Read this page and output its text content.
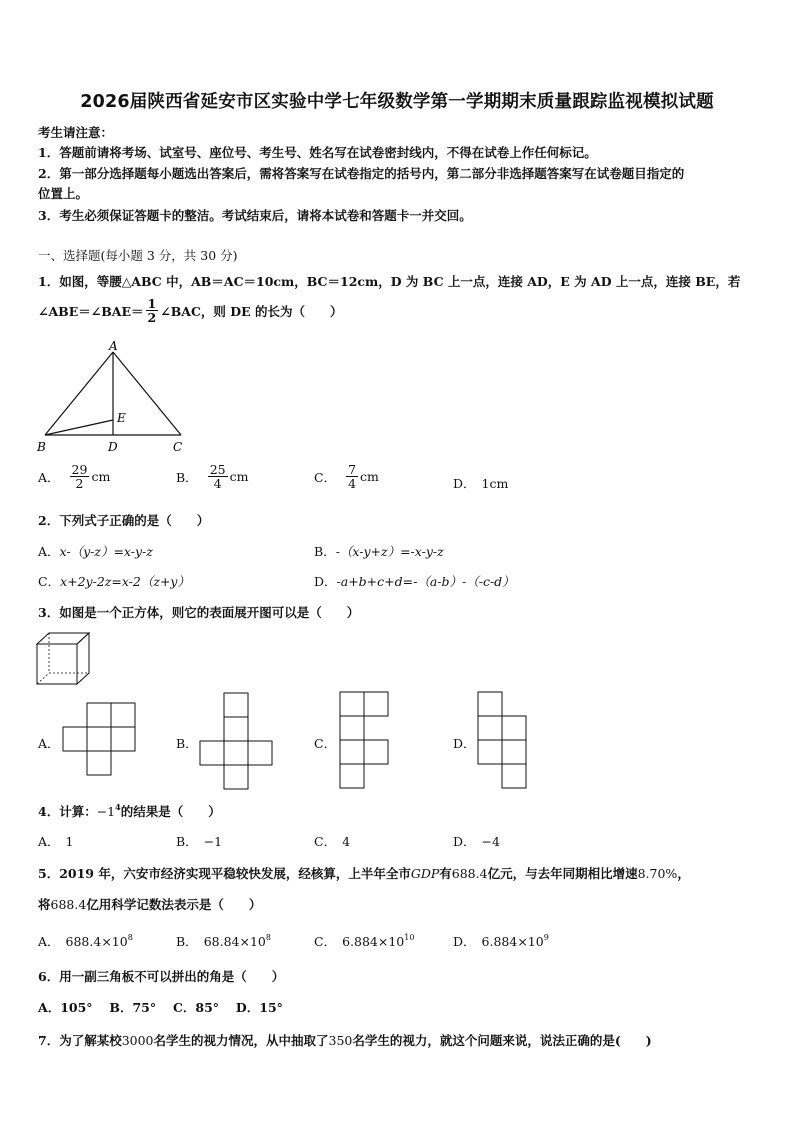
2026届陕西省延安市区实验中学七年级数学第一学期期末质量跟踪监视模拟试题
考生请注意：
1．答题前请将考场、试室号、座位号、考生号、姓名写在试卷密封线内，不得在试卷上作任何标记。
2．第一部分选择题每小题选出答案后，需将答案写在试卷指定的括号内，第二部分非选择题答案写在试卷题目指定的
位置上。
3．考生必须保证答题卡的整洁。考试结束后，请将本试卷和答题卡一并交回。
一、选择题(每小题 3 分，共 30 分)
1．如图，等腰△ABC 中，AB＝AC＝10cm，BC＝12cm，D 为 BC 上一点，连接 AD，E 为 AD 上一点，连接 BE，若
∠ABE＝∠BAE＝ $\frac{1}{2}$ ∠BAC，则 DE 的长为（　　）
A
B	D	C
E
A． $\frac{29}{2}$ cm	B． $\frac{25}{4}$ cm	C． $\frac{7}{4}$ cm	D． 1cm
2．下列式子正确的是（　　）
A．x-（y-z）=x-y-z	B．-（x-y+z）=-x-y-z
C．x+2y-2z=x-2（z+y）	D．-a+b+c+d=-（a-b）-（-c-d）
3．如图是一个正方体，则它的表面展开图可以是（　　）
A．	B．	C．	D．
4．计算：$-1^4$的结果是（　　）
A． 1	B． −1	C． 4	D． −4
5．2019 年，六安市经济实现平稳较快发展，经核算，上半年全市GDP有688.4亿元，与去年同期相比增速8.70%，
将688.4亿用科学记数法表示是（　　）
A． $688.4\times 10^8$	B． $68.84\times 10^8$	C． $6.884\times 10^{10}$	D． $6.884\times 10^9$
6．用一副三角板不可以拼出的角是（　　）
A．105°　 B．75°　 C．85°　 D．15°
7．为了解某校3000名学生的视力情况，从中抽取了350名学生的视力，就这个问题来说，说法正确的是(　　)
